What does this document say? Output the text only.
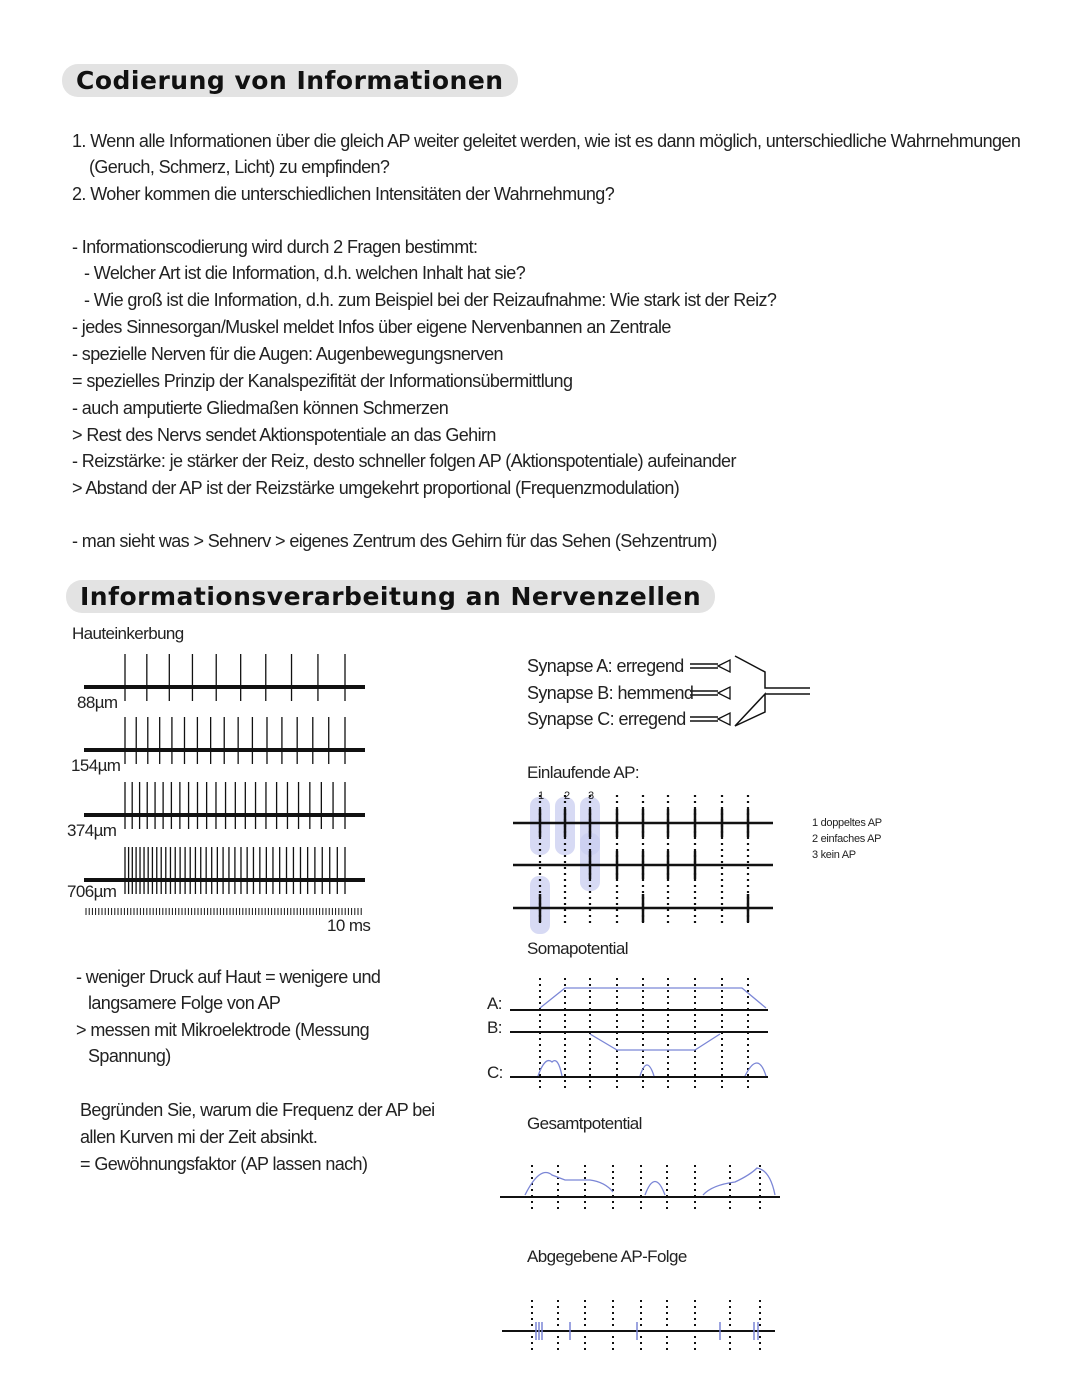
Codierung von Informationen
1. Wenn alle Informationen über die gleich AP weiter geleitet werden, wie ist es dann möglich, unterschiedliche Wahrnehmungen
(Geruch, Schmerz, Licht) zu empfinden?
2. Woher kommen die unterschiedlichen Intensitäten der Wahrnehmung?
- Informationscodierung wird durch 2 Fragen bestimmt:
- Welcher Art ist die Information, d.h. welchen Inhalt hat sie?
- Wie groß ist die Information, d.h. zum Beispiel bei der Reizaufnahme: Wie stark ist der Reiz?
- jedes Sinnesorgan/Muskel meldet Infos über eigene Nervenbannen an Zentrale
- spezielle Nerven für die Augen: Augenbewegungsnerven
= spezielles Prinzip der Kanalspezifität der Informationsübermittlung
- auch amputierte Gliedmaßen können Schmerzen
> Rest des Nervs sendet Aktionspotentiale an das Gehirn
- Reizstärke: je stärker der Reiz, desto schneller folgen AP (Aktionspotentiale) aufeinander
> Abstand der AP ist der Reizstärke umgekehrt proportional (Frequenzmodulation)
- man sieht was > Sehnerv > eigenes Zentrum des Gehirn für das Sehen (Sehzentrum)
Informationsverarbeitung an Nervenzellen
Hauteinkerbung
88µm
154µm
374µm
706µm
10 ms
- weniger Druck auf Haut = wenigere und
langsamere Folge von AP
> messen mit Mikroelektrode (Messung
Spannung)
Begründen Sie, warum die Frequenz der AP bei
allen Kurven mi der Zeit absinkt.
= Gewöhnungsfaktor (AP lassen nach)
Synapse A: erregend
Synapse B: hemmend
Synapse C: erregend
Einlaufende AP:
1 2 3
1 doppeltes AP
2 einfaches AP
3 kein AP
Somapotential
A:
B:
C:
Gesamtpotential
Abgegebene AP-Folge
